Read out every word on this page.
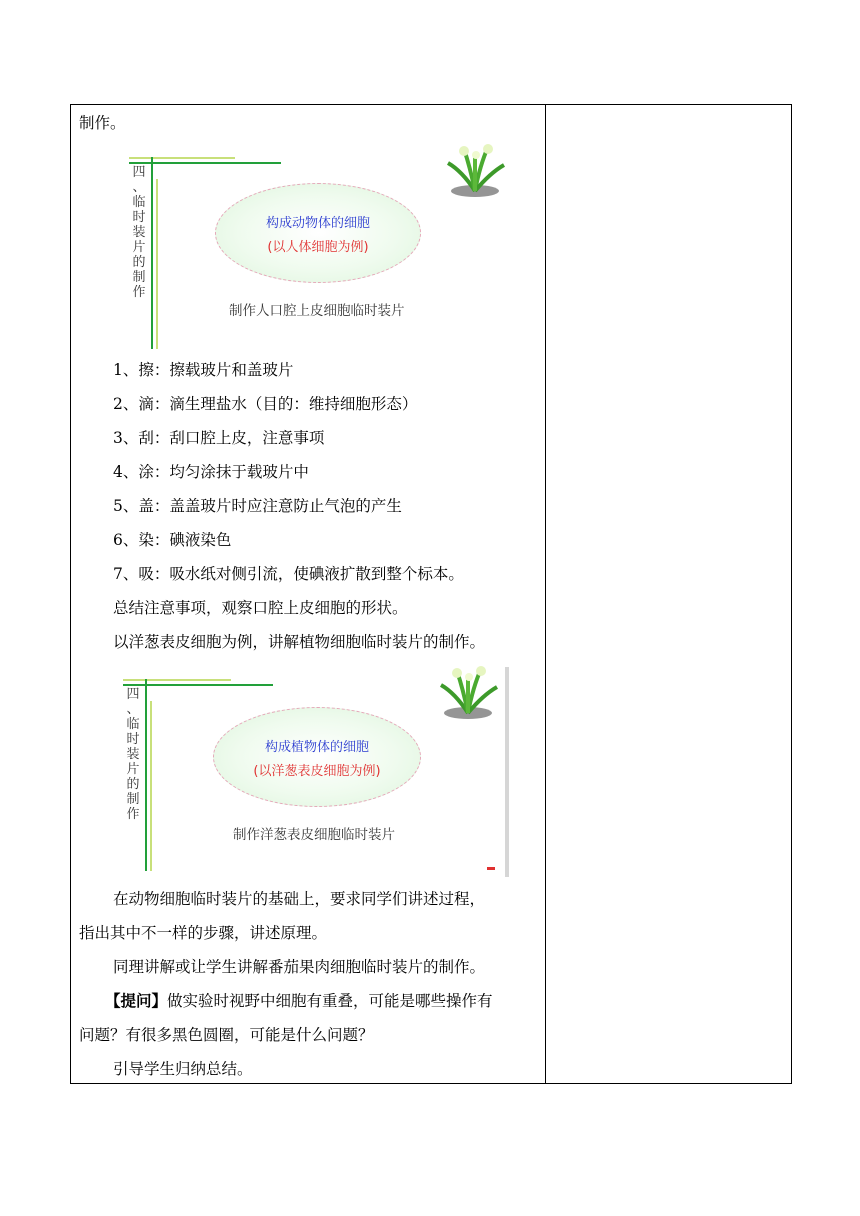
制作。
四
、
临
时
装
片
的
制
作
构成动物体的细胞
(以人体细胞为例)
制作人口腔上皮细胞临时装片
1、擦：擦载玻片和盖玻片
2、滴：滴生理盐水（目的：维持细胞形态）
3、刮：刮口腔上皮，注意事项
4、涂：均匀涂抹于载玻片中
5、盖：盖盖玻片时应注意防止气泡的产生
6、染：碘液染色
7、吸：吸水纸对侧引流，使碘液扩散到整个标本。
总结注意事项，观察口腔上皮细胞的形状。
以洋葱表皮细胞为例，讲解植物细胞临时装片的制作。
四
、
临
时
装
片
的
制
作
构成植物体的细胞
(以洋葱表皮细胞为例)
制作洋葱表皮细胞临时装片
在动物细胞临时装片的基础上，要求同学们讲述过程，
指出其中不一样的步骤，讲述原理。
同理讲解或让学生讲解番茄果肉细胞临时装片的制作。
【提问】做实验时视野中细胞有重叠，可能是哪些操作有
问题？有很多黑色圆圈，可能是什么问题？
引导学生归纳总结。
